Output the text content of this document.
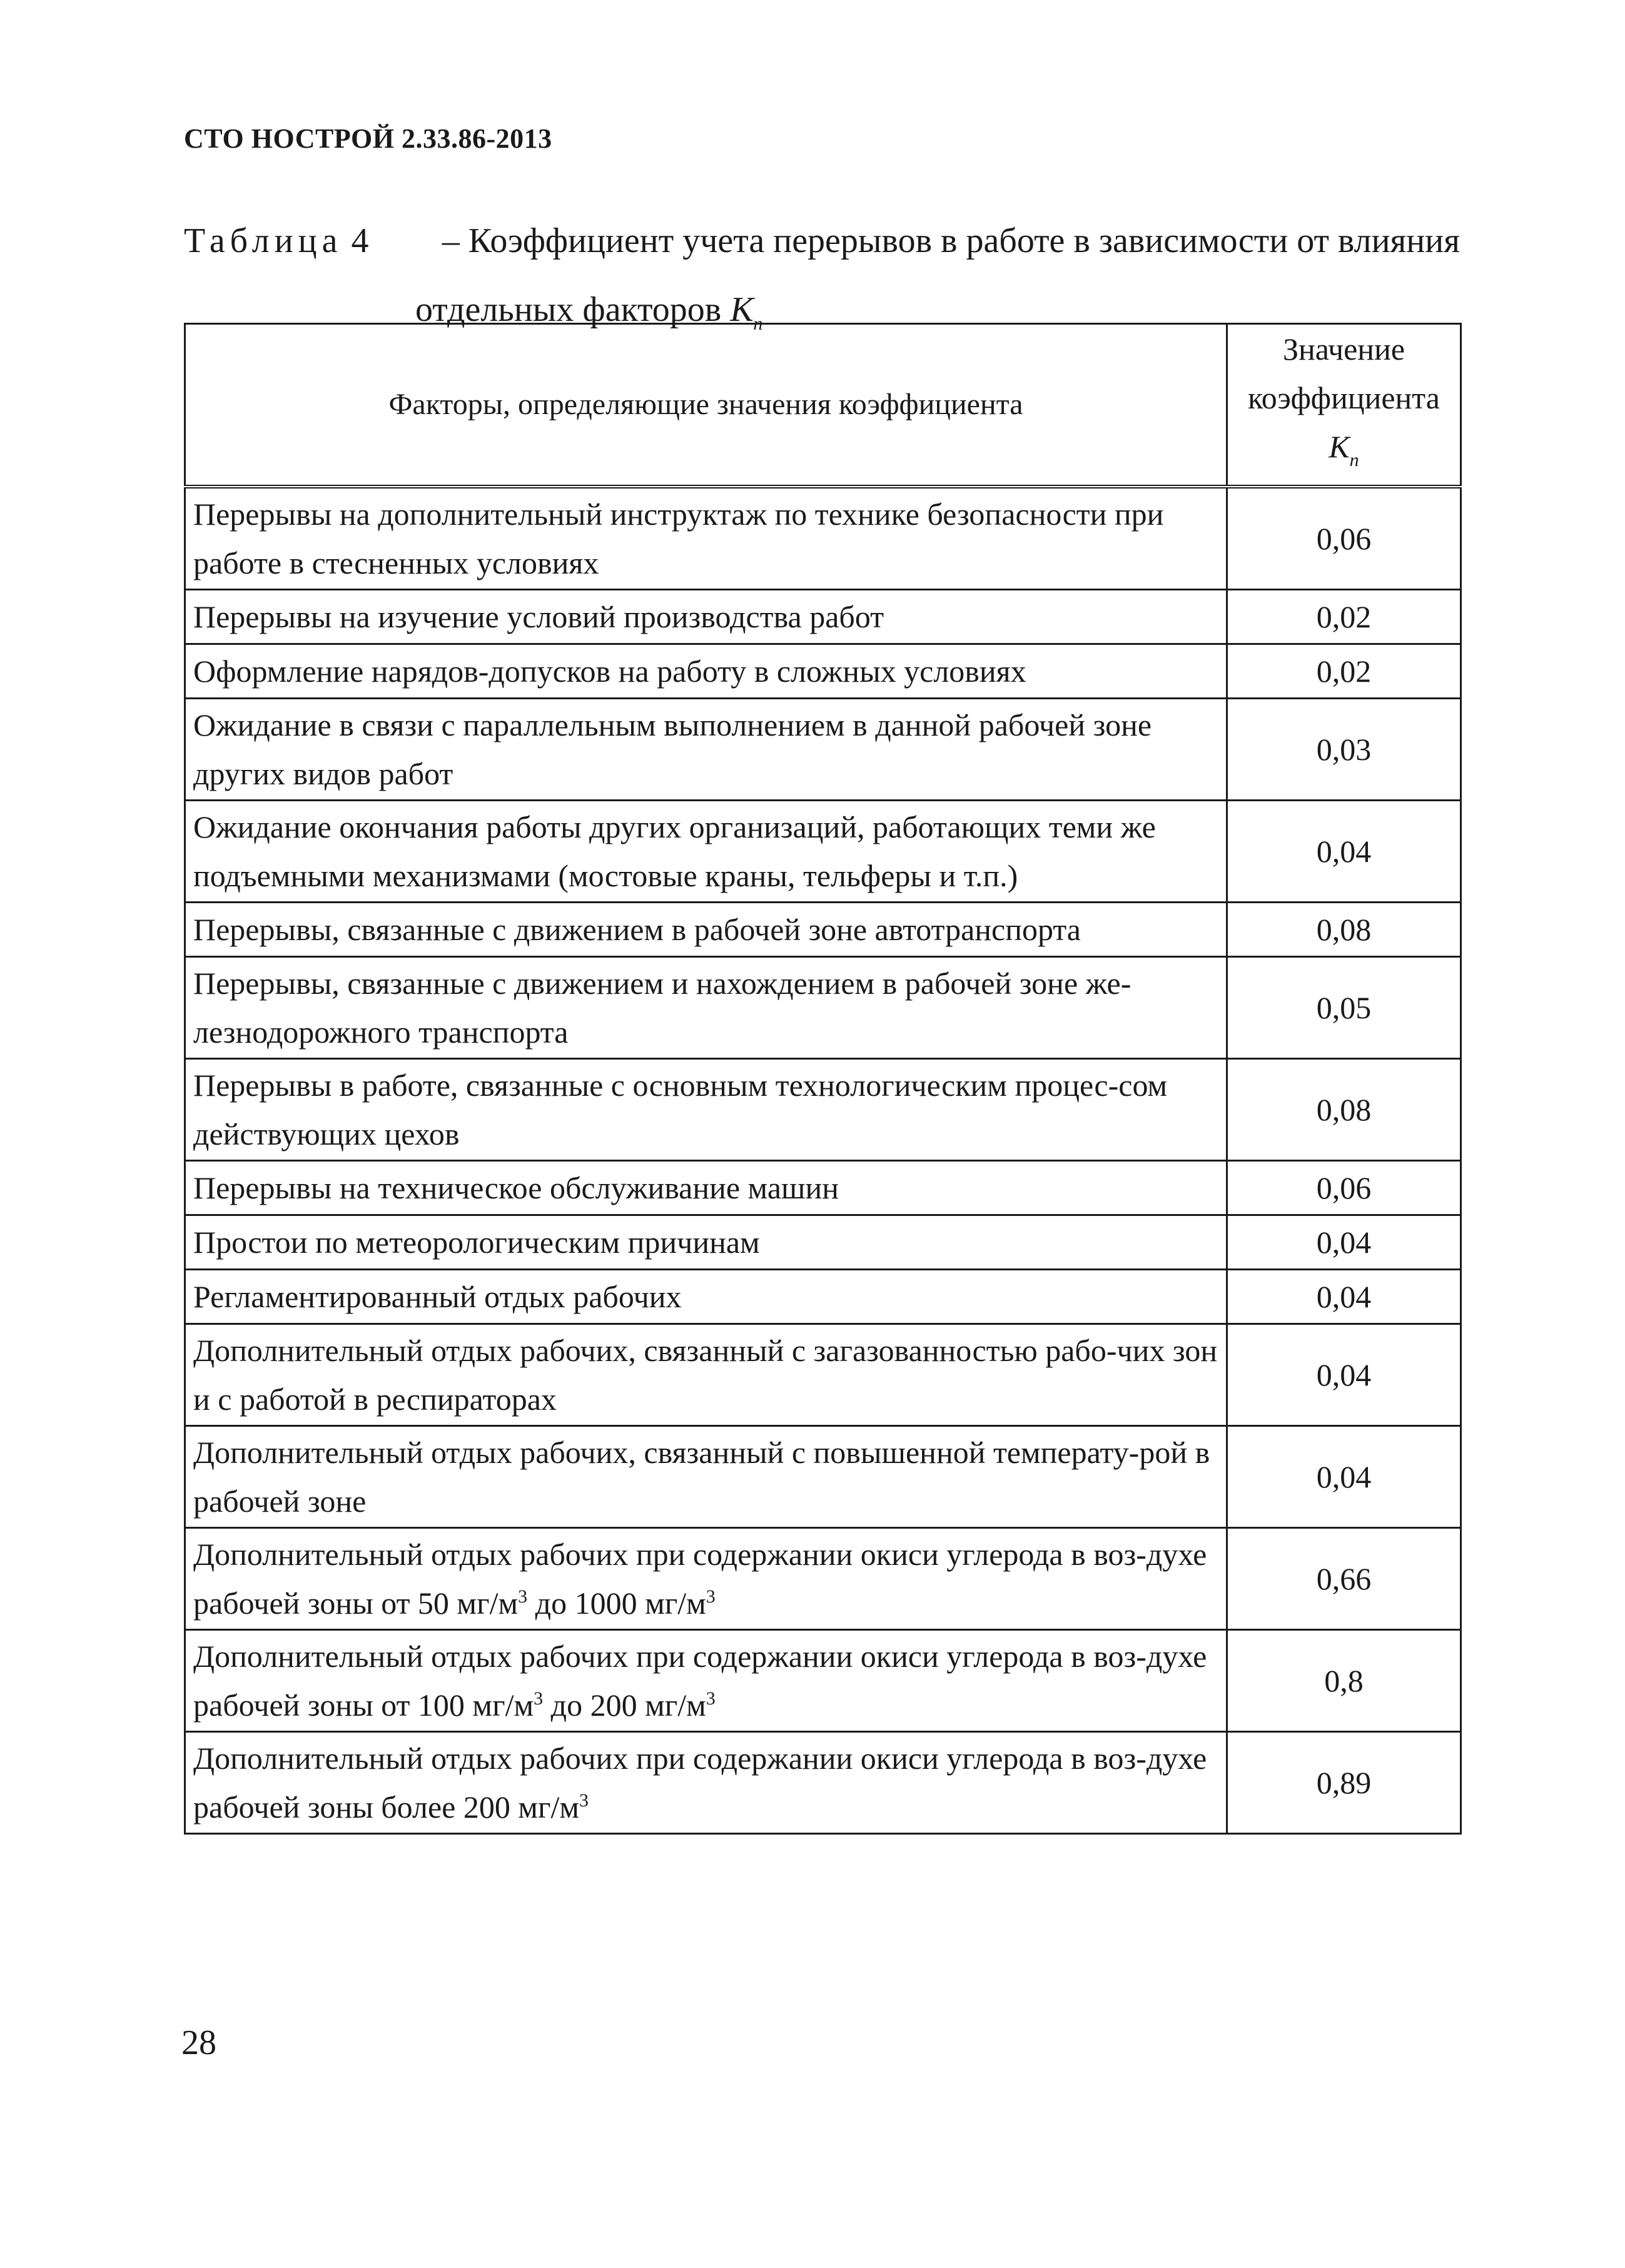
СТО НОСТРОЙ 2.33.86-2013
Таблица 4 – Коэффициент учета перерывов в работе в зависимости от влияния
отдельных факторов $К_п$
Факторы, определяющие значения коэффициента	Значение
коэффициента
$К_п$

Перерывы на дополнительный инструктаж по технике безопасности при работе в стесненных условиях	0,06
Перерывы на изучение условий производства работ	0,02
Оформление нарядов-допусков на работу в сложных условиях	0,02
Ожидание в связи с параллельным выполнением в данной рабочей зоне других видов работ	0,03
Ожидание окончания работы других организаций, работающих теми же подъемными механизмами (мостовые краны, тельферы и т.п.)	0,04
Перерывы, связанные с движением в рабочей зоне автотранспорта	0,08
Перерывы, связанные с движением и нахождением в рабочей зоне же-лезнодорожного транспорта	0,05
Перерывы в работе, связанные с основным технологическим процес-сом действующих цехов	0,08
Перерывы на техническое обслуживание машин	0,06
Простои по метеорологическим причинам	0,04
Регламентированный отдых рабочих	0,04
Дополнительный отдых рабочих, связанный с загазованностью рабо-чих зон и с работой в респираторах	0,04
Дополнительный отдых рабочих, связанный с повышенной температу-рой в рабочей зоне	0,04
Дополнительный отдых рабочих при содержании окиси углерода в воз-духе рабочей зоны от 50 $мг/м^3$ до 1000 $мг/м^3$	0,66
Дополнительный отдых рабочих при содержании окиси углерода в воз-духе рабочей зоны от 100 $мг/м^3$ до 200 $мг/м^3$	0,8
Дополнительный отдых рабочих при содержании окиси углерода в воз-духе рабочей зоны более 200 $мг/м^3$	0,89
28
